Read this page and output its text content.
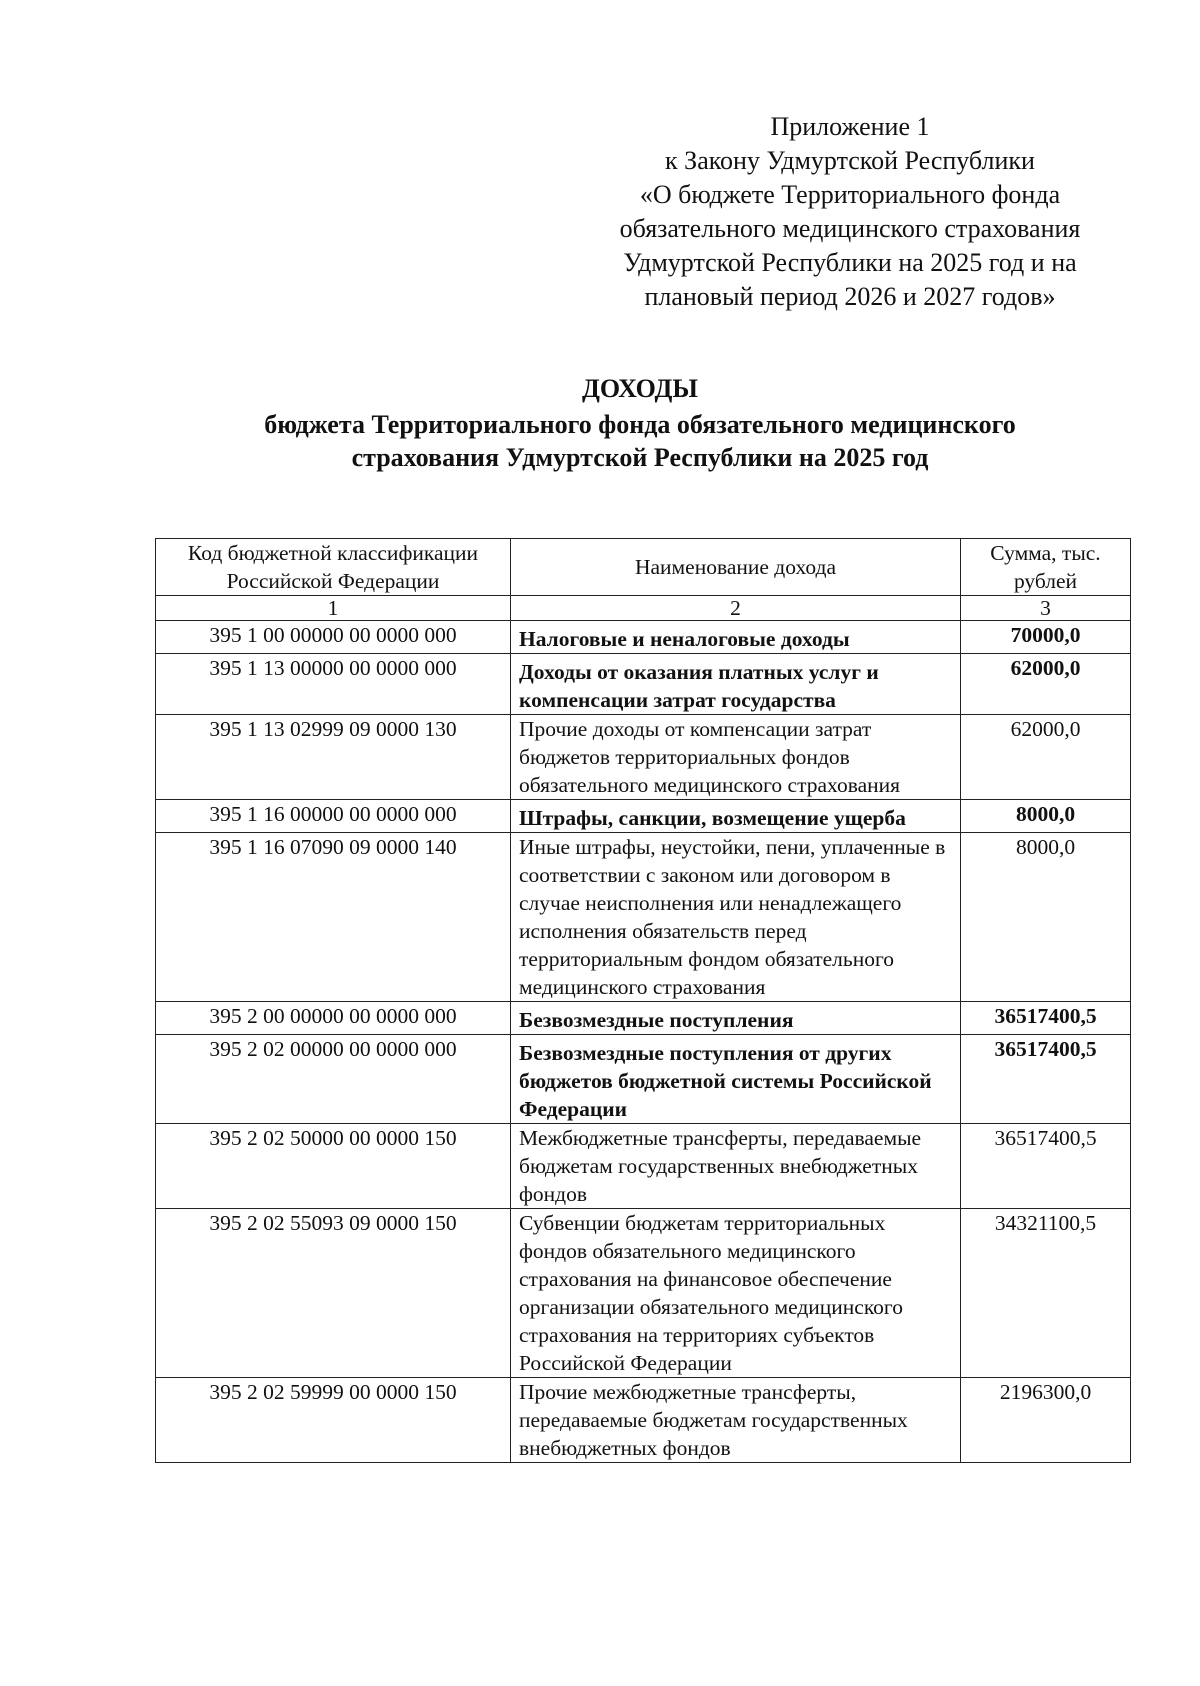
Приложение 1
к Закону Удмуртской Республики
«О бюджете Территориального фонда
обязательного медицинского страхования
Удмуртской Республики на 2025 год и на
плановый период 2026 и 2027 годов»
ДОХОДЫ
бюджета Территориального фонда обязательного медицинского
страхования Удмуртской Республики на 2025 год
Код бюджетной классификации Российской Федерации	Наименование дохода	Сумма, тыс. рублей
1	2	3
395 1 00 00000 00 0000 000	Налоговые и неналоговые доходы	70000,0
395 1 13 00000 00 0000 000	Доходы от оказания платных услуг и компенсации затрат государства	62000,0
395 1 13 02999 09 0000 130	Прочие доходы от компенсации затрат бюджетов территориальных фондов обязательного медицинского страхования	62000,0
395 1 16 00000 00 0000 000	Штрафы, санкции, возмещение ущерба	8000,0
395 1 16 07090 09 0000 140	Иные штрафы, неустойки, пени, уплаченные в соответствии с законом или договором в случае неисполнения или ненадлежащего исполнения обязательств перед территориальным фондом обязательного медицинского страхования	8000,0
395 2 00 00000 00 0000 000	Безвозмездные поступления	36517400,5
395 2 02 00000 00 0000 000	Безвозмездные поступления от других бюджетов бюджетной системы Российской Федерации	36517400,5
395 2 02 50000 00 0000 150	Межбюджетные трансферты, передаваемые бюджетам государственных внебюджетных фондов	36517400,5
395 2 02 55093 09 0000 150	Субвенции бюджетам территориальных фондов обязательного медицинского страхования на финансовое обеспечение организации обязательного медицинского страхования на территориях субъектов Российской Федерации	34321100,5
395 2 02 59999 00 0000 150	Прочие межбюджетные трансферты, передаваемые бюджетам государственных внебюджетных фондов	2196300,0
